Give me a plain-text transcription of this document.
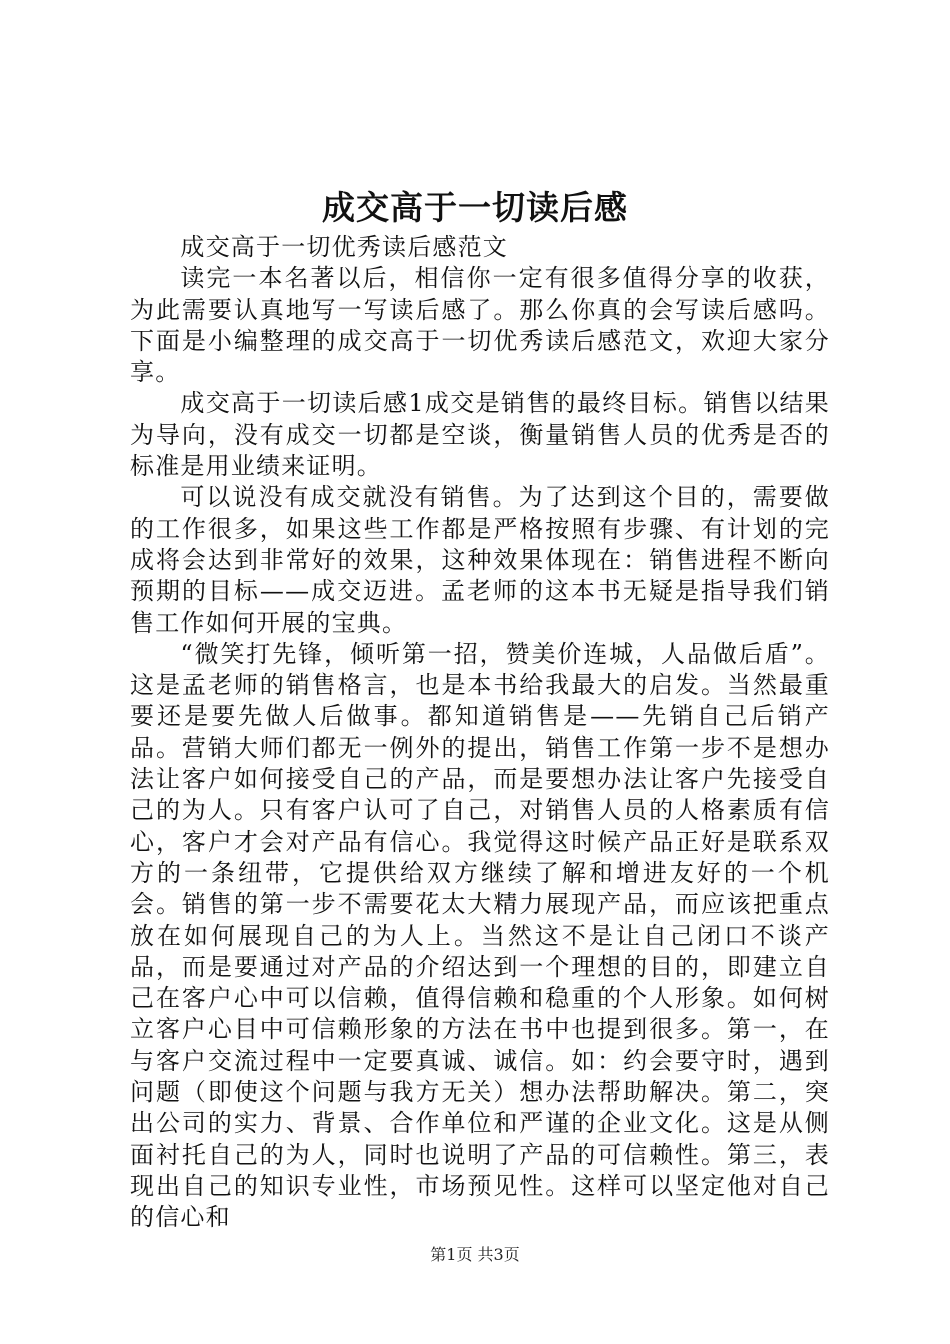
成交高于一切读后感

成交高于一切优秀读后感范文

读完一本名著以后，相信你一定有很多值得分享的收获，为此需要认真地写一写读后感了。那么你真的会写读后感吗。下面是小编整理的成交高于一切优秀读后感范文，欢迎大家分享。

成交高于一切读后感1成交是销售的最终目标。销售以结果为导向，没有成交一切都是空谈，衡量销售人员的优秀是否的标准是用业绩来证明。

可以说没有成交就没有销售。为了达到这个目的，需要做的工作很多，如果这些工作都是严格按照有步骤、有计划的完成将会达到非常好的效果，这种效果体现在：销售进程不断向预期的目标——成交迈进。孟老师的这本书无疑是指导我们销售工作如何开展的宝典。

“微笑打先锋，倾听第一招，赞美价连城，人品做后盾”。这是孟老师的销售格言，也是本书给我最大的启发。当然最重要还是要先做人后做事。都知道销售是——先销自己后销产品。营销大师们都无一例外的提出，销售工作第一步不是想办法让客户如何接受自己的产品，而是要想办法让客户先接受自己的为人。只有客户认可了自己，对销售人员的人格素质有信心，客户才会对产品有信心。我觉得这时候产品正好是联系双方的一条纽带，它提供给双方继续了解和增进友好的一个机会。销售的第一步不需要花太大精力展现产品，而应该把重点放在如何展现自己的为人上。当然这不是让自己闭口不谈产品，而是要通过对产品的介绍达到一个理想的目的，即建立自己在客户心中可以信赖，值得信赖和稳重的个人形象。如何树立客户心目中可信赖形象的方法在书中也提到很多。第一，在与客户交流过程中一定要真诚、诚信。如：约会要守时，遇到问题（即使这个问题与我方无关）想办法帮助解决。第二，突出公司的实力、背景、合作单位和严谨的企业文化。这是从侧面衬托自己的为人，同时也说明了产品的可信赖性。第三，表现出自己的知识专业性，市场预见性。这样可以坚定他对自己的信心和

第1页 共3页
